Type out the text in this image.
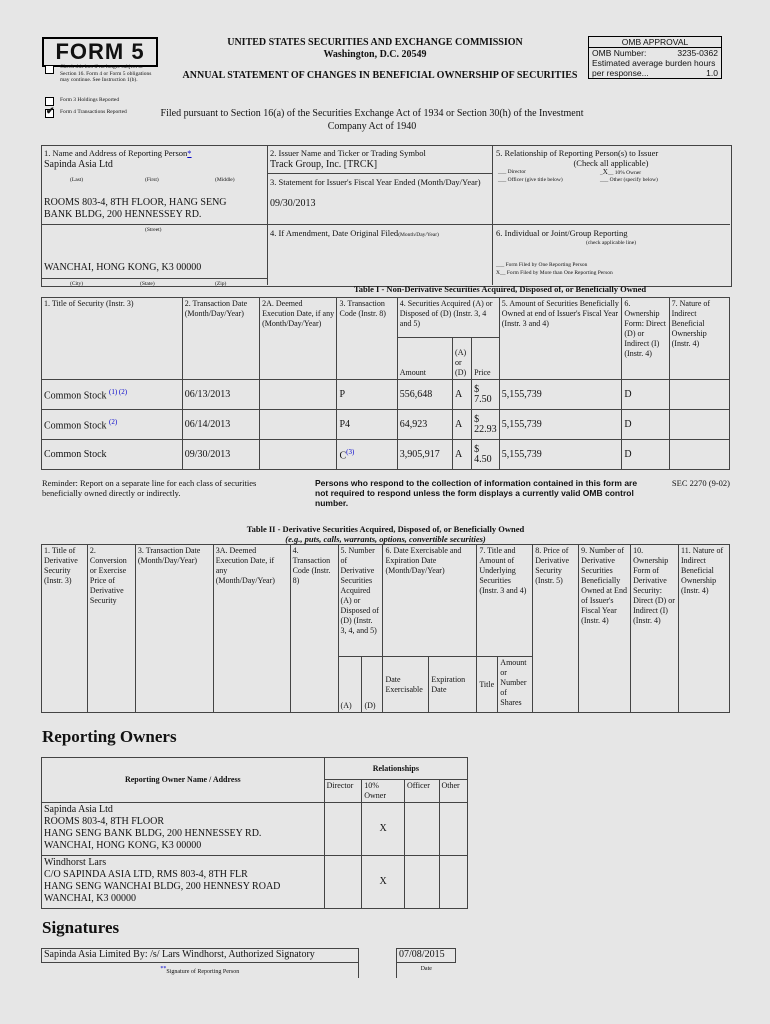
FORM 5
Check this box if no longer subject to Section 16. Form 4 or Form 5 obligations may continue. See Instruction 1(b).
Form 3 Holdings Reported
✔ Form 4 Transactions Reported
UNITED STATES SECURITIES AND EXCHANGE COMMISSION
Washington, D.C. 20549
ANNUAL STATEMENT OF CHANGES IN BENEFICIAL OWNERSHIP OF SECURITIES
Filed pursuant to Section 16(a) of the Securities Exchange Act of 1934 or Section 30(h) of the Investment Company Act of 1940
OMB APPROVAL
OMB Number:	3235-0362
Estimated average burden hours per response...	1.0
1. Name and Address of Reporting Person*
Sapinda Asia Ltd
(Last)	(First)	(Middle)
ROOMS 803-4, 8TH FLOOR, HANG SENG
BANK BLDG, 200 HENNESSEY RD.
(Street)
WANCHAI, HONG KONG, K3 00000
(City)	(State)	(Zip)
2. Issuer Name and Ticker or Trading Symbol
Track Group, Inc. [TRCK]
3. Statement for Issuer's Fiscal Year Ended (Month/Day/Year)
09/30/2013
4. If Amendment, Date Original Filed(Month/Day/Year)
5. Relationship of Reporting Person(s) to Issuer
(Check all applicable)
___ Director	_X__ 10% Owner
___ Officer (give title below)	___ Other (specify below)
6. Individual or Joint/Group Reporting
(check applicable line)
___ Form Filed by One Reporting Person
X__ Form Filed by More than One Reporting Person
Table I - Non-Derivative Securities Acquired, Disposed of, or Beneficially Owned
1. Title of Security (Instr. 3)	2. Transaction Date (Month/Day/Year)	2A. Deemed Execution Date, if any (Month/Day/Year)	3. Transaction Code (Instr. 8)	4. Securities Acquired (A) or Disposed of (D) (Instr. 3, 4 and 5)			5. Amount of Securities Beneficially Owned at end of Issuer's Fiscal Year (Instr. 3 and 4)	6. Ownership Form: Direct (D) or Indirect (I) (Instr. 4)	7. Nature of Indirect Beneficial Ownership (Instr. 4)
				Amount	(A) or (D)	Price			
Common Stock $^{(1) (2)}$	06/13/2013		P	556,648	A	$ 7.50	5,155,739	D	
Common Stock $^{(2)}$	06/14/2013		P4	64,923	A	$ 22.93	5,155,739	D	
Common Stock	09/30/2013		$C^{(3)}$	3,905,917	A	$ 4.50	5,155,739	D	
Reminder: Report on a separate line for each class of securities beneficially owned directly or indirectly.
Persons who respond to the collection of information contained in this form are not required to respond unless the form displays a currently valid OMB control number.
SEC 2270 (9-02)
Table II - Derivative Securities Acquired, Disposed of, or Beneficially Owned
(e.g., puts, calls, warrants, options, convertible securities)
1. Title of Derivative Security (Instr. 3)	2. Conversion or Exercise Price of Derivative Security	3. Transaction Date (Month/Day/Year)	3A. Deemed Execution Date, if any (Month/Day/Year)	4. Transaction Code (Instr. 8)	5. Number of Derivative Securities Acquired (A) or Disposed of (D) (Instr. 3, 4, and 5)		6. Date Exercisable and Expiration Date (Month/Day/Year)		7. Title and Amount of Underlying Securities (Instr. 3 and 4)		8. Price of Derivative Security (Instr. 5)	9. Number of Derivative Securities Beneficially Owned at End of Issuer's Fiscal Year (Instr. 4)	10. Ownership Form of Derivative Security: Direct (D) or Indirect (I) (Instr. 4)	11. Nature of Indirect Beneficial Ownership (Instr. 4)
					(A)	(D)	Date Exercisable	Expiration Date	Title	Amount or Number of Shares				
Reporting Owners
Reporting Owner Name / Address	Relationships			
	Director	10% Owner	Officer	Other

Sapinda Asia Ltd
ROOMS 803-4, 8TH FLOOR
HANG SENG BANK BLDG, 200 HENNESSEY RD.
WANCHAI, HONG KONG, K3 00000		X		

Windhorst Lars
C/O SAPINDA ASIA LTD, RMS 803-4, 8TH FLR
HANG SENG WANCHAI BLDG, 200 HENNESY ROAD
WANCHAI, K3 00000		X		
Signatures
Sapinda Asia Limited By: /s/ Lars Windhorst, Authorized Signatory		07/08/2015
**Signature of Reporting Person		Date
